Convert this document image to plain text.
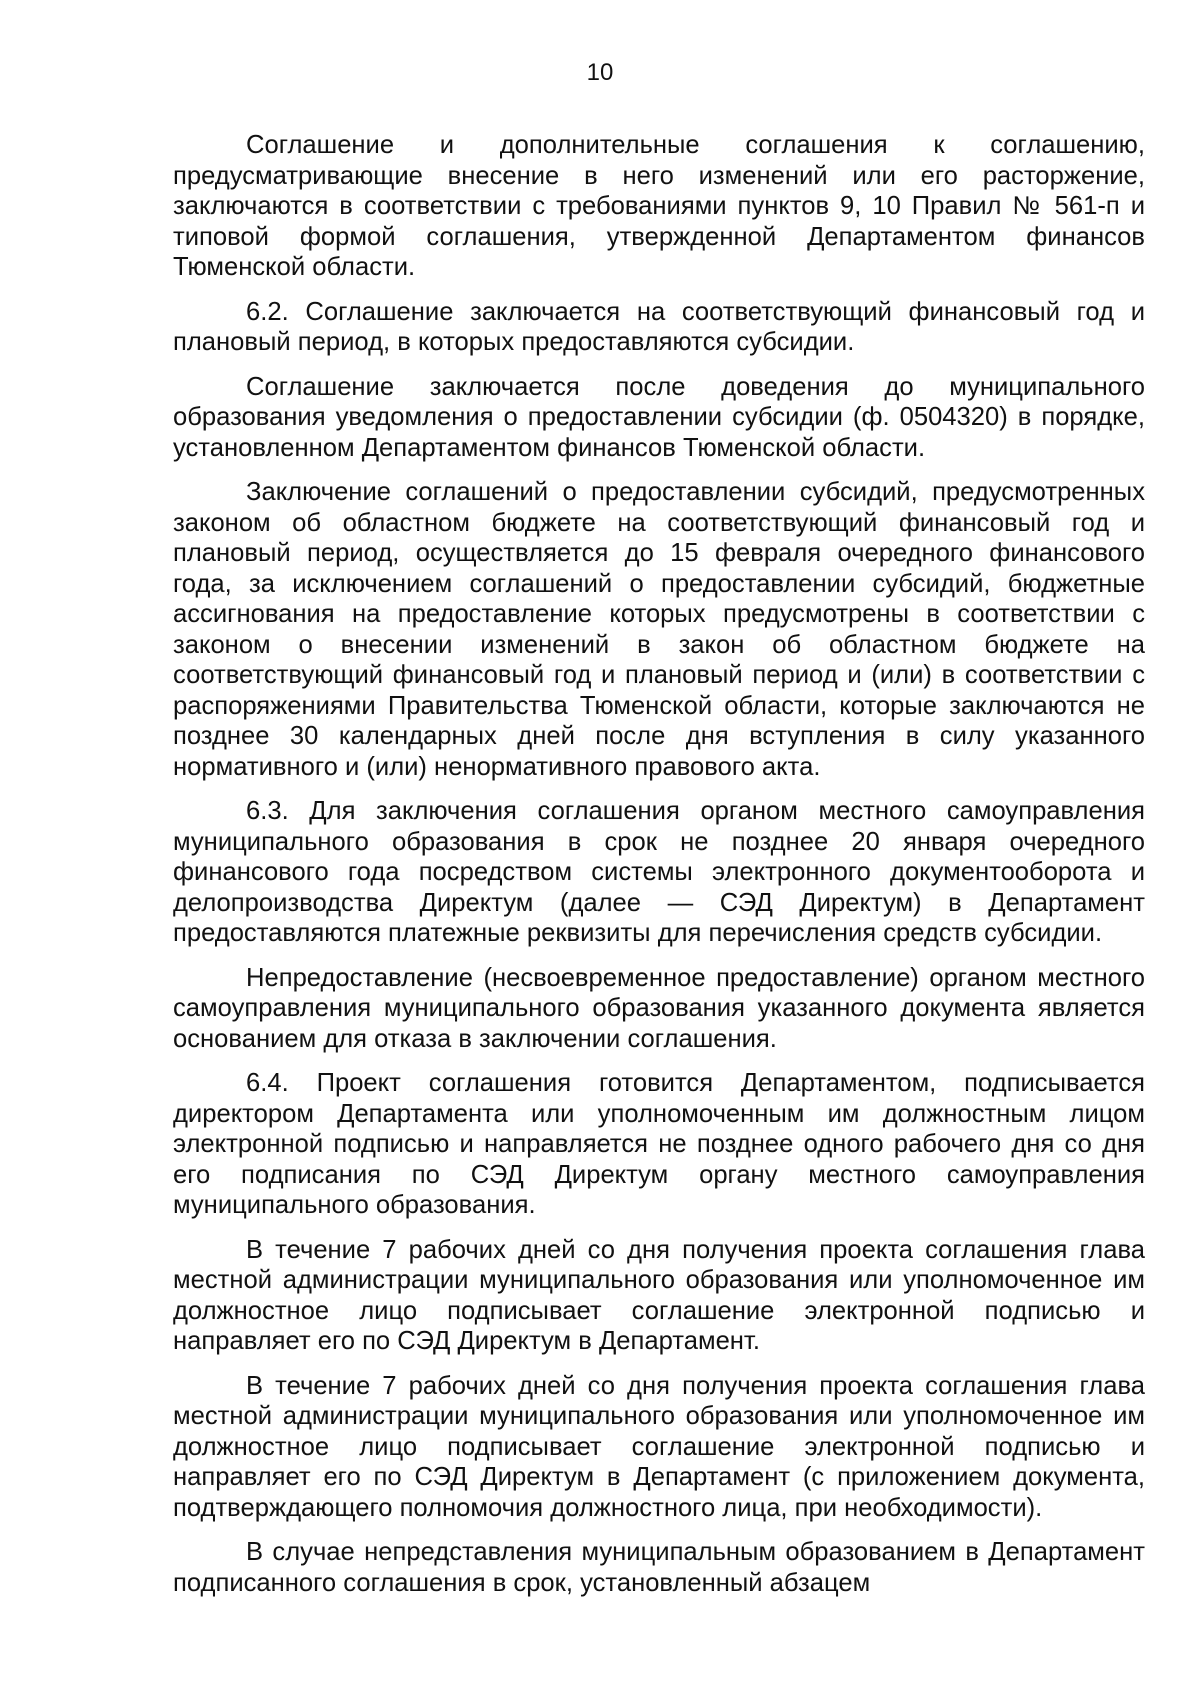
10

Соглашение и дополнительные соглашения к соглашению, предусматривающие внесение в него изменений или его расторжение, заключаются в соответствии с требованиями пунктов 9, 10 Правил № 561-п и типовой формой соглашения, утвержденной Департаментом финансов Тюменской области.

6.2. Соглашение заключается на соответствующий финансовый год и плановый период, в которых предоставляются субсидии.

Соглашение заключается после доведения до муниципального образования уведомления о предоставлении субсидии (ф. 0504320) в порядке, установленном Департаментом финансов Тюменской области.

Заключение соглашений о предоставлении субсидий, предусмотренных законом об областном бюджете на соответствующий финансовый год и плановый период, осуществляется до 15 февраля очередного финансового года, за исключением соглашений о предоставлении субсидий, бюджетные ассигнования на предоставление которых предусмотрены в соответствии с законом о внесении изменений в закон об областном бюджете на соответствующий финансовый год и плановый период и (или) в соответствии с распоряжениями Правительства Тюменской области, которые заключаются не позднее 30 календарных дней после дня вступления в силу указанного нормативного и (или) ненормативного правового акта.

6.3. Для заключения соглашения органом местного самоуправления муниципального образования в срок не позднее 20 января очередного финансового года посредством системы электронного документооборота и делопроизводства Директум (далее — СЭД Директум) в Департамент предоставляются платежные реквизиты для перечисления средств субсидии.

Непредоставление (несвоевременное предоставление) органом местного самоуправления муниципального образования указанного документа является основанием для отказа в заключении соглашения.

6.4. Проект соглашения готовится Департаментом, подписывается директором Департамента или уполномоченным им должностным лицом электронной подписью и направляется не позднее одного рабочего дня со дня его подписания по СЭД Директум органу местного самоуправления муниципального образования.

В течение 7 рабочих дней со дня получения проекта соглашения глава местной администрации муниципального образования или уполномоченное им должностное лицо подписывает соглашение электронной подписью и направляет его по СЭД Директум в Департамент.

В течение 7 рабочих дней со дня получения проекта соглашения глава местной администрации муниципального образования или уполномоченное им должностное лицо подписывает соглашение электронной подписью и направляет его по СЭД Директум в Департамент (с приложением документа, подтверждающего полномочия должностного лица, при необходимости).

В случае непредставления муниципальным образованием в Департамент подписанного соглашения в срок, установленный абзацем
